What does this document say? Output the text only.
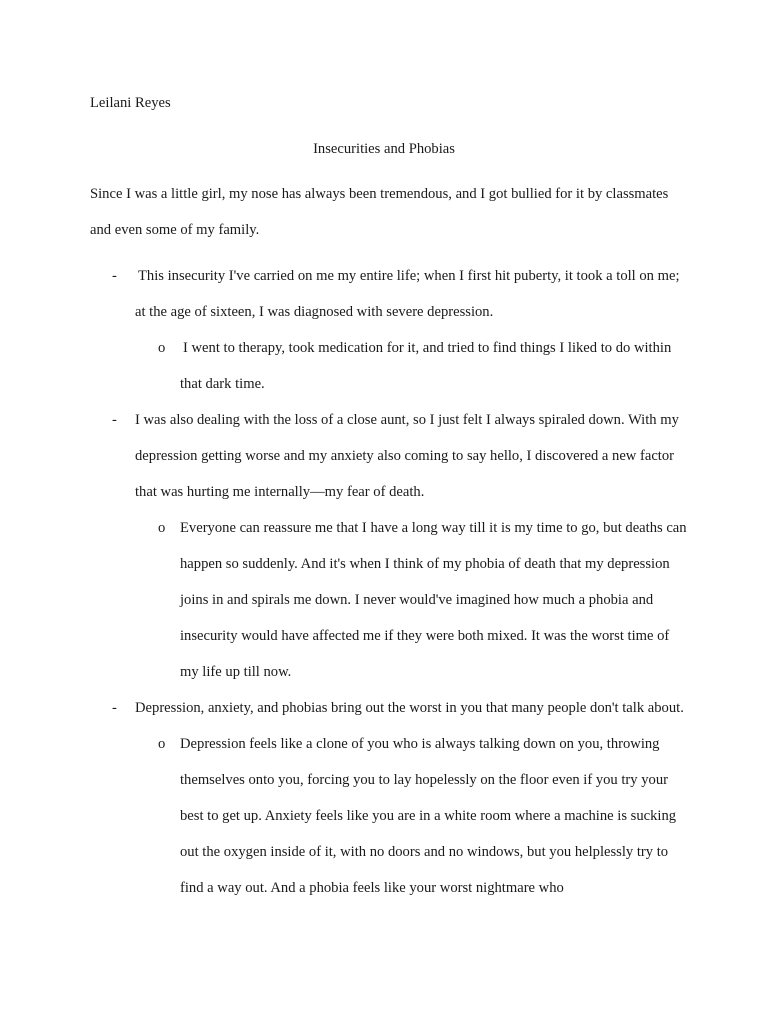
Leilani Reyes
Insecurities and Phobias
Since I was a little girl, my nose has always been tremendous, and I got bullied for it by classmates and even some of my family.
- This insecurity I've carried on me my entire life; when I first hit puberty, it took a toll on me; at the age of sixteen, I was diagnosed with severe depression.
o I went to therapy, took medication for it, and tried to find things I liked to do within that dark time.
- I was also dealing with the loss of a close aunt, so I just felt I always spiraled down. With my depression getting worse and my anxiety also coming to say hello, I discovered a new factor that was hurting me internally—my fear of death.
o Everyone can reassure me that I have a long way till it is my time to go, but deaths can happen so suddenly. And it's when I think of my phobia of death that my depression joins in and spirals me down. I never would've imagined how much a phobia and insecurity would have affected me if they were both mixed. It was the worst time of my life up till now.
- Depression, anxiety, and phobias bring out the worst in you that many people don't talk about.
o Depression feels like a clone of you who is always talking down on you, throwing themselves onto you, forcing you to lay hopelessly on the floor even if you try your best to get up. Anxiety feels like you are in a white room where a machine is sucking out the oxygen inside of it, with no doors and no windows, but you helplessly try to find a way out. And a phobia feels like your worst nightmare who
